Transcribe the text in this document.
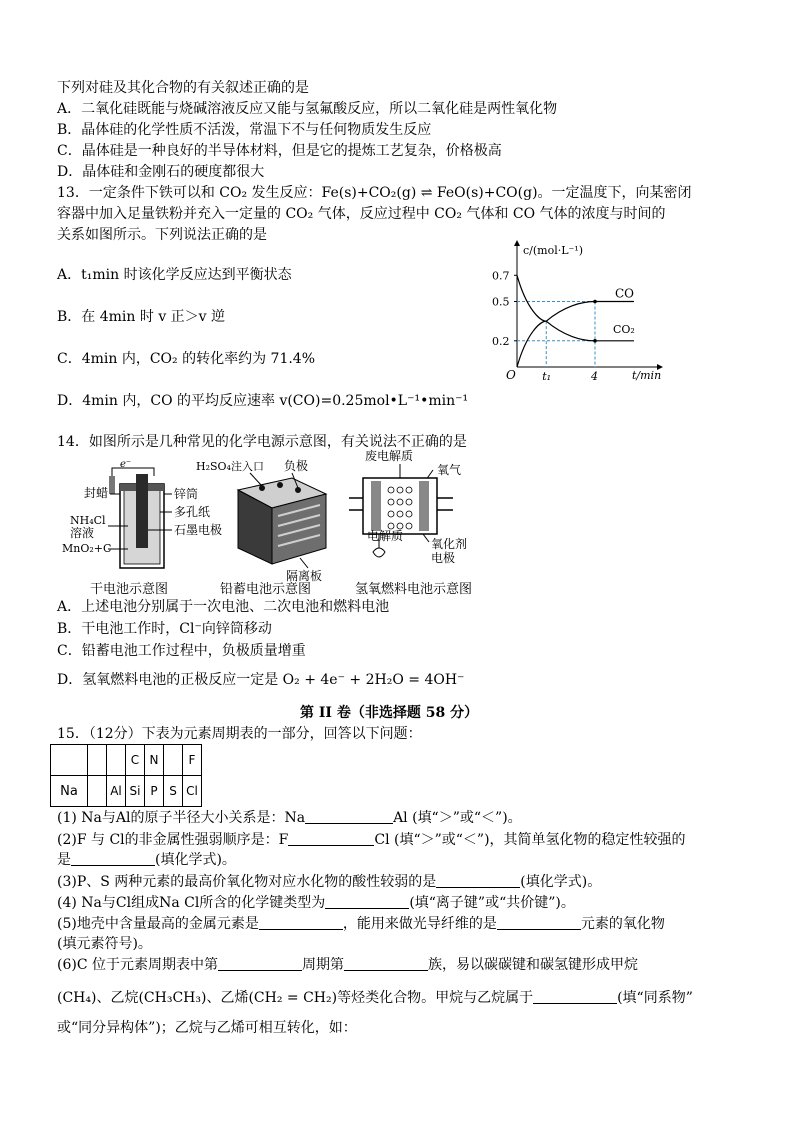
下列对硅及其化合物的有关叙述正确的是
A．二氧化硅既能与烧碱溶液反应又能与氢氟酸反应，所以二氧化硅是两性氧化物
B．晶体硅的化学性质不活泼，常温下不与任何物质发生反应
C．晶体硅是一种良好的半导体材料，但是它的提炼工艺复杂，价格极高
D．晶体硅和金刚石的硬度都很大
13．一定条件下铁可以和 CO₂ 发生反应：Fe(s)+CO₂(g) ⇌ FeO(s)+CO(g)。一定温度下，向某密闭
容器中加入足量铁粉并充入一定量的 CO₂ 气体，反应过程中 CO₂ 气体和 CO 气体的浓度与时间的
关系如图所示。下列说法正确的是
A．t₁min 时该化学反应达到平衡状态
B．在 4min 时 v 正＞v 逆
C．4min 内，CO₂ 的转化率约为 71.4%
D．4min 内，CO 的平均反应速率 v(CO)=0.25mol•L⁻¹•min⁻¹
c/(mol·L⁻¹)
t/min
O
0.7
0.5
0.2
t₁	4
CO
CO₂
14．如图所示是几种常见的化学电源示意图，有关说法不正确的是
封蜡
NH₄Cl
溶液
MnO₂+C
e⁻
锌筒
多孔纸
石墨电极
H₂SO₄注入口 负极
隔离板
废电解质
氧气
电解质
氧化剂
电极
干电池示意图	铅蓄电池示意图	氢氧燃料电池示意图
A．上述电池分别属于一次电池、二次电池和燃料电池
B．干电池工作时，Cl⁻向锌筒移动
C．铅蓄电池工作过程中，负极质量增重
D．氢氧燃料电池的正极反应一定是 O₂ + 4e⁻ + 2H₂O = 4OH⁻
第 II 卷（非选择题 58 分）
15．（12分）下表为元素周期表的一部分，回答以下问题：
			C	N		F
Na		Al	Si	P	S	Cl
(1) Na与Al的原子半径大小关系是：Na	Al (填“＞”或“＜”)。
(2)F 与 Cl的非金属性强弱顺序是：F	Cl (填“＞”或“＜”)，其简单氢化物的稳定性较强的
是	(填化学式)。
(3)P、S 两种元素的最高价氧化物对应水化物的酸性较弱的是	(填化学式)。
(4) Na与Cl组成Na Cl所含的化学键类型为	(填“离子键”或“共价键”)。
(5)地壳中含量最高的金属元素是	，能用来做光导纤维的是	元素的氧化物
(填元素符号)。
(6)C 位于元素周期表中第	周期第	族，易以碳碳键和碳氢键形成甲烷
(CH₄)、乙烷(CH₃CH₃)、乙烯(CH₂ = CH₂)等烃类化合物。甲烷与乙烷属于	(填“同系物”
或“同分异构体”)；乙烷与乙烯可相互转化，如：
